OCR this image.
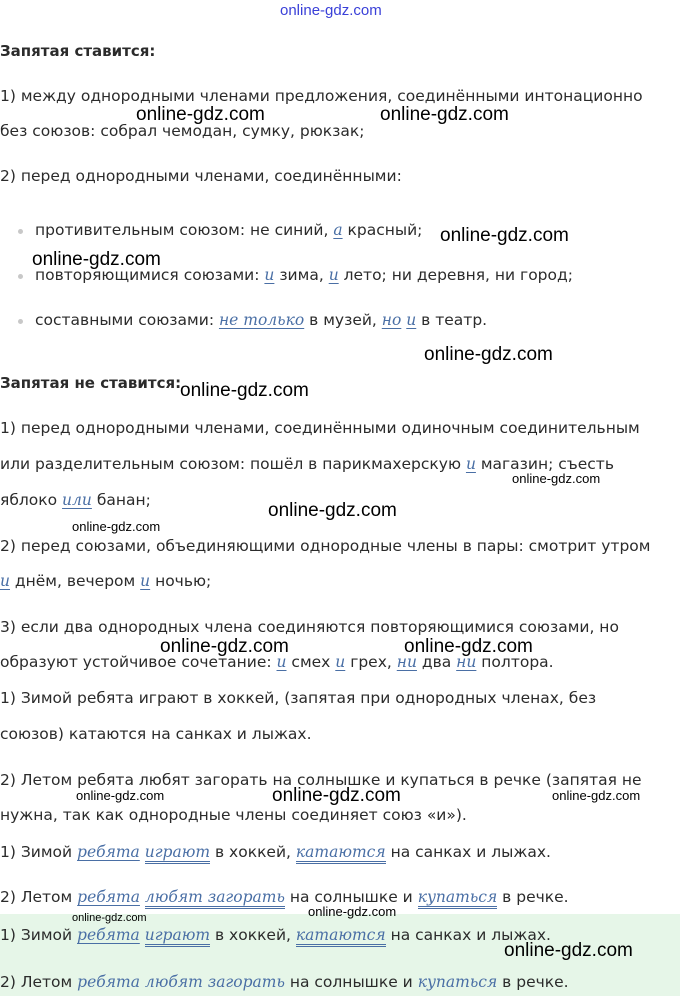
online-gdz.com
Запятая ставится:
1) между однородными членами предложения, соединёнными интонационно
без союзов: собрал чемодан, сумку, рюкзак;
2) перед однородными членами, соединёнными:
противительным союзом: не синий, а красный;
повторяющимися союзами: и зима, и лето; ни деревня, ни город;
составными союзами: не только в музей, но и в театр.
Запятая не ставится:
1) перед однородными членами, соединёнными одиночным соединительным
или разделительным союзом: пошёл в парикмахерскую и магазин; съесть
яблоко или банан;
2) перед союзами, объединяющими однородные члены в пары: смотрит утром
и днём, вечером и ночью;
3) если два однородных члена соединяются повторяющимися союзами, но
образуют устойчивое сочетание: и смех и грех, ни два ни полтора.
1) Зимой ребята играют в хоккей, (запятая при однородных членах, без
союзов) катаются на санках и лыжах.
2) Летом ребята любят загорать на солнышке и купаться в речке (запятая не
нужна, так как однородные члены соединяет союз «и»).
1) Зимой ребята играют в хоккей, катаются на санках и лыжах.
2) Летом ребята любят загорать на солнышке и купаться в речке.
1) Зимой ребята играют в хоккей, катаются на санках и лыжах.
2) Летом ребята любят загорать на солнышке и купаться в речке.
online-gdz.com	online-gdz.com
online-gdz.com
online-gdz.com
online-gdz.com
online-gdz.com
online-gdz.com
online-gdz.com
online-gdz.com
online-gdz.com	online-gdz.com
online-gdz.com	online-gdz.com	online-gdz.com
online-gdz.com	online-gdz.com
online-gdz.com
